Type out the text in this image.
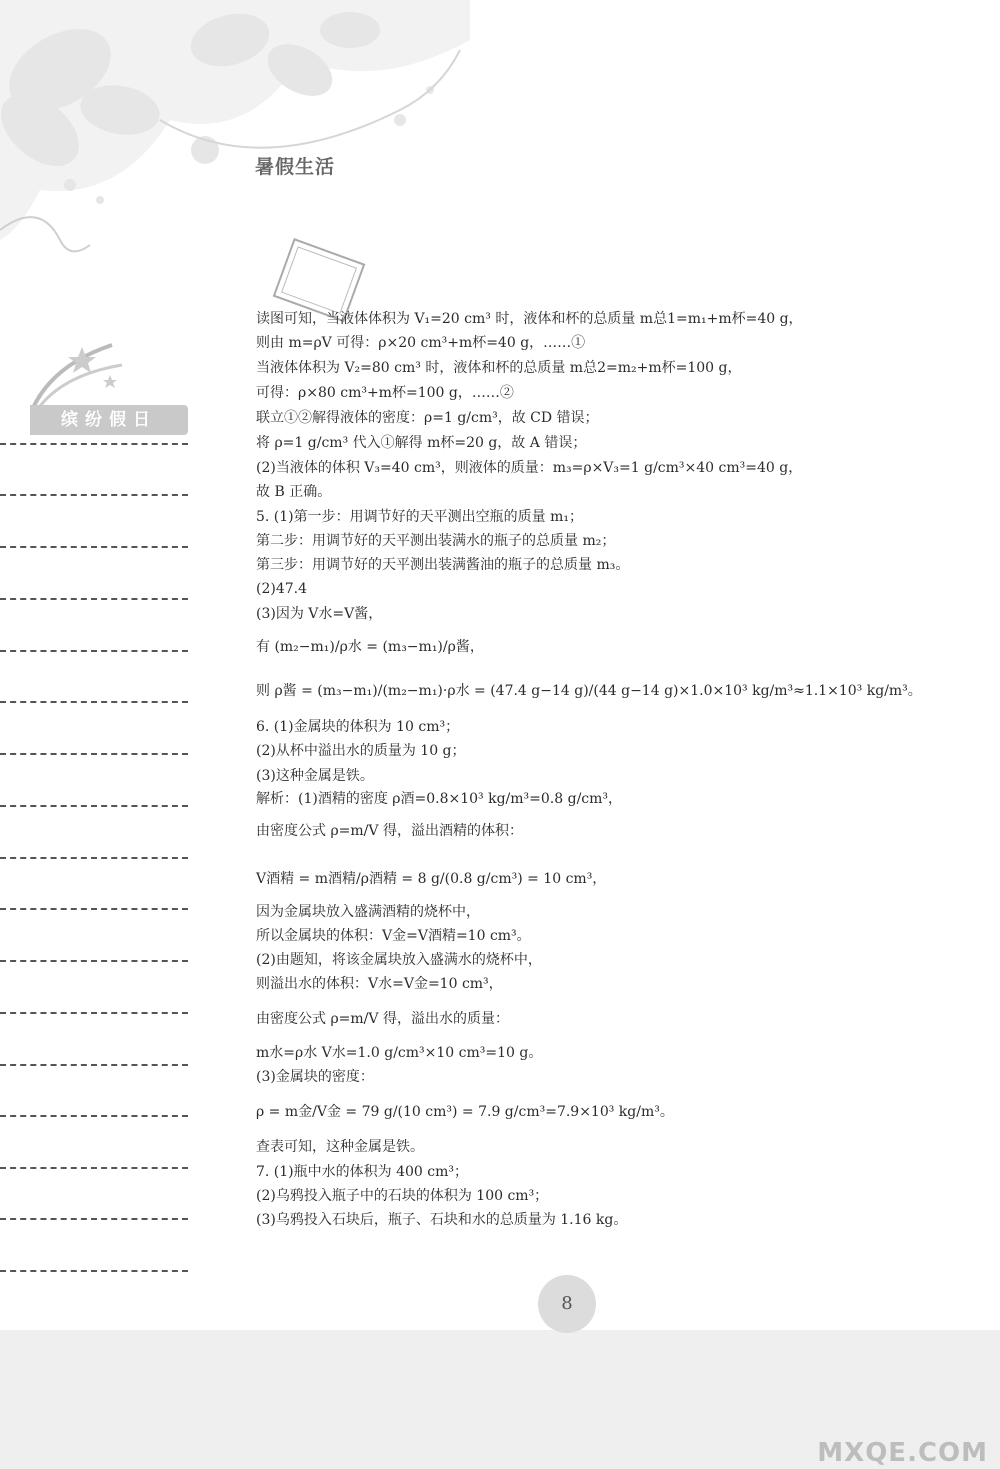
暑假生活
缤纷假日
读图可知，当液体体积为 V₁=20 cm³ 时，液体和杯的总质量 m总1=m₁+m杯=40 g，
则由 m=ρV 可得：ρ×20 cm³+m杯=40 g，……①
当液体体积为 V₂=80 cm³ 时，液体和杯的总质量 m总2=m₂+m杯=100 g，
可得：ρ×80 cm³+m杯=100 g，……②
联立①②解得液体的密度：ρ=1 g/cm³，故 CD 错误；
将 ρ=1 g/cm³ 代入①解得 m杯=20 g，故 A 错误；
(2)当液体的体积 V₃=40 cm³，则液体的质量：m₃=ρ×V₃=1 g/cm³×40 cm³=40 g，
故 B 正确。
5. (1)第一步：用调节好的天平测出空瓶的质量 m₁；
第二步：用调节好的天平测出装满水的瓶子的总质量 m₂；
第三步：用调节好的天平测出装满酱油的瓶子的总质量 m₃。
(2)47.4
(3)因为 V水=V酱，
有 (m₂−m₁)/ρ水 = (m₃−m₁)/ρ酱，
则 ρ酱 = (m₃−m₁)/(m₂−m₁)·ρ水 = (47.4 g−14 g)/(44 g−14 g)×1.0×10³ kg/m³≈1.1×10³ kg/m³。
6. (1)金属块的体积为 10 cm³；
(2)从杯中溢出水的质量为 10 g；
(3)这种金属是铁。
解析：(1)酒精的密度 ρ酒=0.8×10³ kg/m³=0.8 g/cm³，
由密度公式 ρ=m/V 得，溢出酒精的体积：
V酒精 = m酒精/ρ酒精 = 8 g/(0.8 g/cm³) = 10 cm³，
因为金属块放入盛满酒精的烧杯中，
所以金属块的体积：V金=V酒精=10 cm³。
(2)由题知，将该金属块放入盛满水的烧杯中，
则溢出水的体积：V水=V金=10 cm³，
由密度公式 ρ=m/V 得，溢出水的质量：
m水=ρ水 V水=1.0 g/cm³×10 cm³=10 g。
(3)金属块的密度：
ρ = m金/V金 = 79 g/(10 cm³) = 7.9 g/cm³=7.9×10³ kg/m³。
查表可知，这种金属是铁。
7. (1)瓶中水的体积为 400 cm³；
(2)乌鸦投入瓶子中的石块的体积为 100 cm³；
(3)乌鸦投入石块后，瓶子、石块和水的总质量为 1.16 kg。
8
MXQE.COM
